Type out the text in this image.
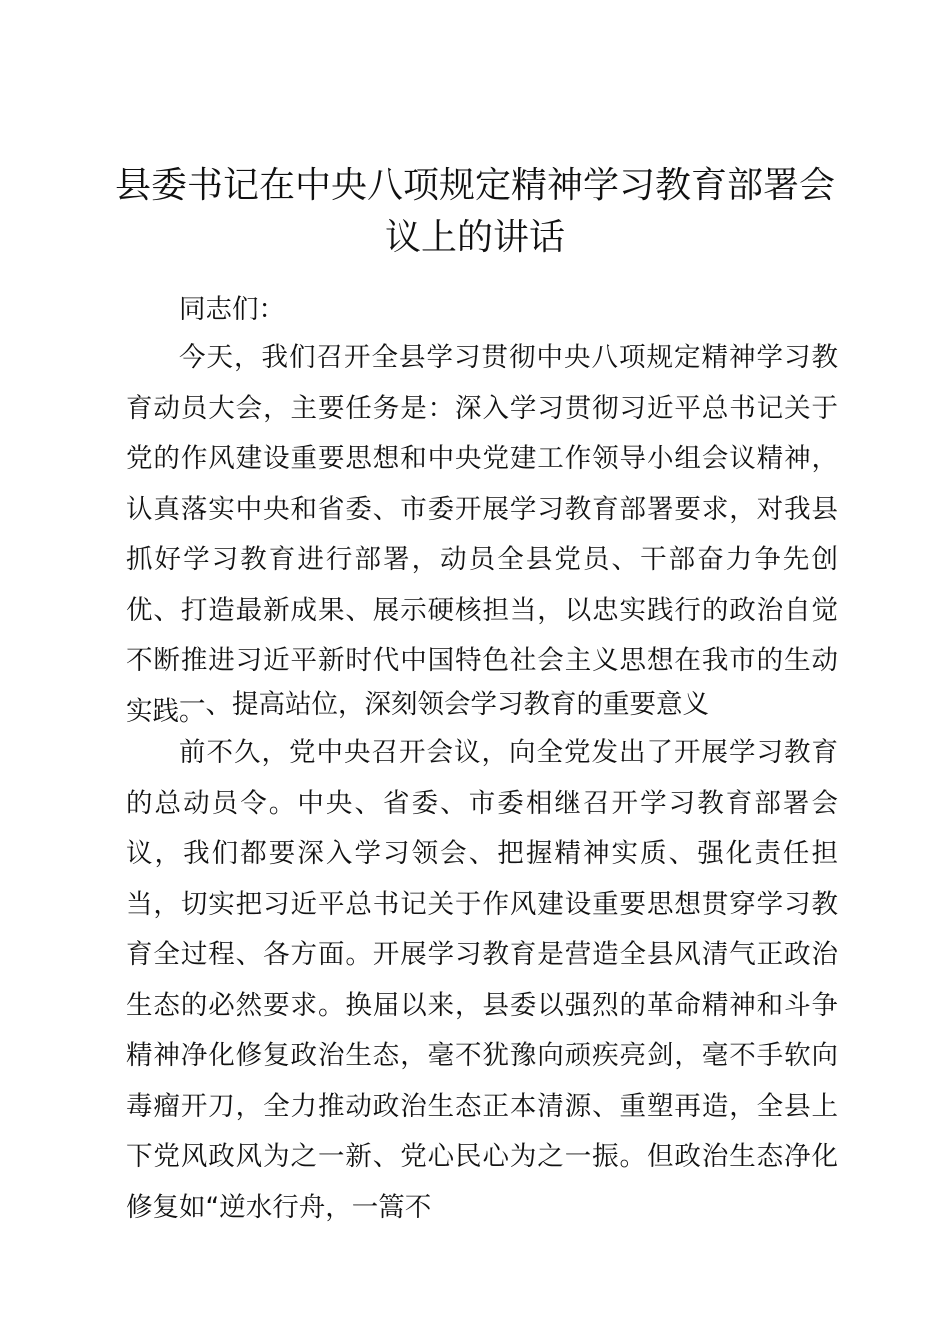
县委书记在中央八项规定精神学习教育部署会议上的讲话
同志们：
今天，我们召开全县学习贯彻中央八项规定精神学习教育动员大会，主要任务是：深入学习贯彻习近平总书记关于党的作风建设重要思想和中央党建工作领导小组会议精神，认真落实中央和省委、市委开展学习教育部署要求，对我县抓好学习教育进行部署，动员全县党员、干部奋力争先创优、打造最新成果、展示硬核担当，以忠实践行的政治自觉不断推进习近平新时代中国特色社会主义思想在我市的生动实践。
一、提高站位，深刻领会学习教育的重要意义
前不久，党中央召开会议，向全党发出了开展学习教育的总动员令。中央、省委、市委相继召开学习教育部署会议，我们都要深入学习领会、把握精神实质、强化责任担当，切实把习近平总书记关于作风建设重要思想贯穿学习教育全过程、各方面。开展学习教育是营造全县风清气正政治生态的必然要求。换届以来，县委以强烈的革命精神和斗争精神净化修复政治生态，毫不犹豫向顽疾亮剑，毫不手软向毒瘤开刀，全力推动政治生态正本清源、重塑再造，全县上下党风政风为之一新、党心民心为之一振。但政治生态净化修复如“逆水行舟，一篙不
